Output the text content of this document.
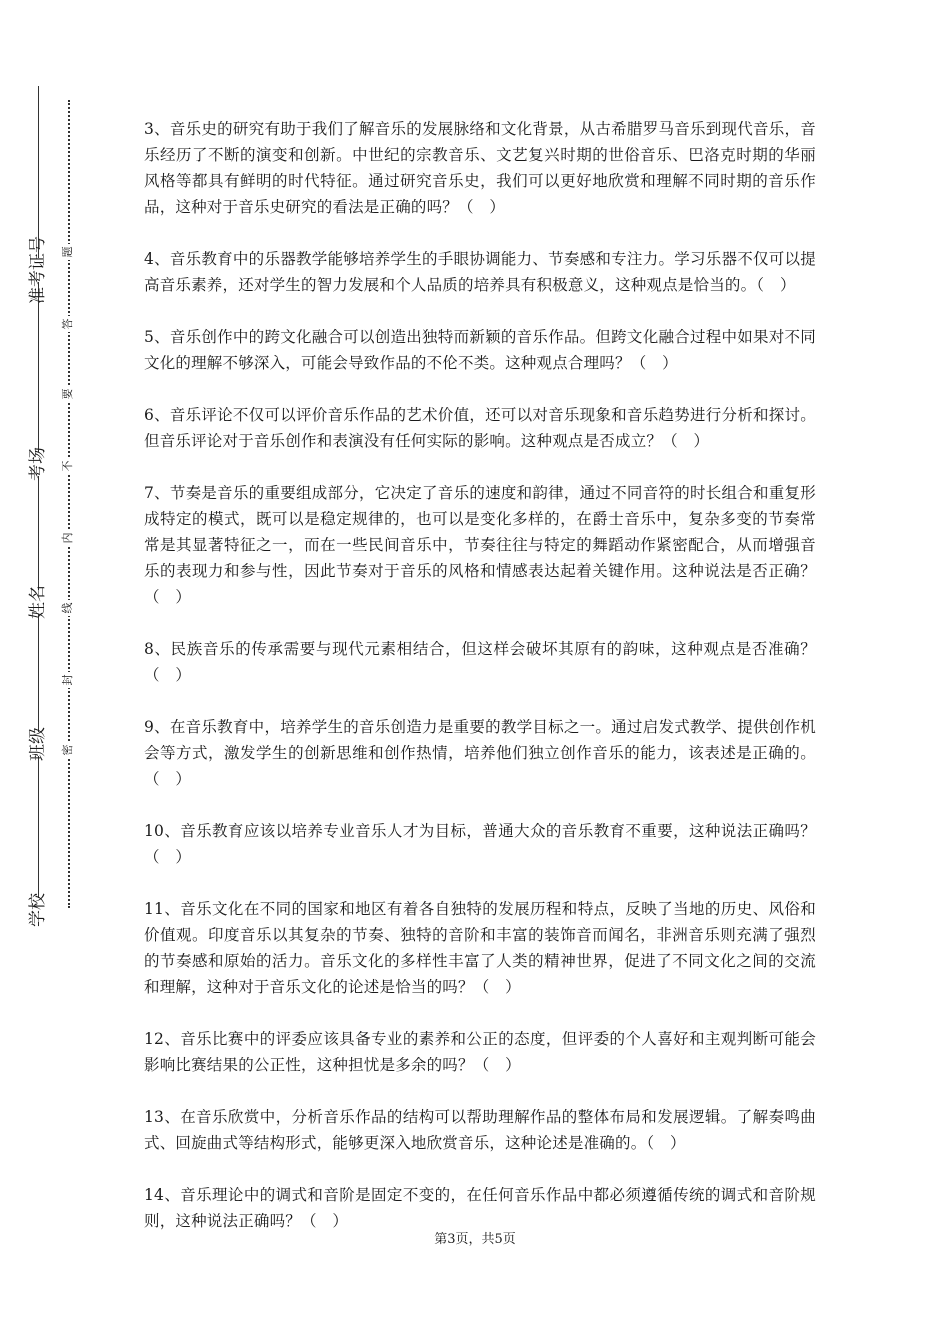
学校
班级
姓名
考场
准考证号
密
封
线
内
不
要
答
题

3、音乐史的研究有助于我们了解音乐的发展脉络和文化背景，从古希腊罗马音乐到现代音乐，音乐经历了不断的演变和创新。中世纪的宗教音乐、文艺复兴时期的世俗音乐、巴洛克时期的华丽风格等都具有鲜明的时代特征。通过研究音乐史，我们可以更好地欣赏和理解不同时期的音乐作品，这种对于音乐史研究的看法是正确的吗？（　）

4、音乐教育中的乐器教学能够培养学生的手眼协调能力、节奏感和专注力。学习乐器不仅可以提高音乐素养，还对学生的智力发展和个人品质的培养具有积极意义，这种观点是恰当的。（　）

5、音乐创作中的跨文化融合可以创造出独特而新颖的音乐作品。但跨文化融合过程中如果对不同文化的理解不够深入，可能会导致作品的不伦不类。这种观点合理吗？（　）

6、音乐评论不仅可以评价音乐作品的艺术价值，还可以对音乐现象和音乐趋势进行分析和探讨。但音乐评论对于音乐创作和表演没有任何实际的影响。这种观点是否成立？（　）

7、节奏是音乐的重要组成部分，它决定了音乐的速度和韵律，通过不同音符的时长组合和重复形成特定的模式，既可以是稳定规律的，也可以是变化多样的，在爵士音乐中，复杂多变的节奏常常是其显著特征之一，而在一些民间音乐中，节奏往往与特定的舞蹈动作紧密配合，从而增强音乐的表现力和参与性，因此节奏对于音乐的风格和情感表达起着关键作用。这种说法是否正确？（　）

8、民族音乐的传承需要与现代元素相结合，但这样会破坏其原有的韵味，这种观点是否准确？（　）

9、在音乐教育中，培养学生的音乐创造力是重要的教学目标之一。通过启发式教学、提供创作机会等方式，激发学生的创新思维和创作热情，培养他们独立创作音乐的能力，该表述是正确的。（　）

10、音乐教育应该以培养专业音乐人才为目标，普通大众的音乐教育不重要，这种说法正确吗？（　）

11、音乐文化在不同的国家和地区有着各自独特的发展历程和特点，反映了当地的历史、风俗和价值观。印度音乐以其复杂的节奏、独特的音阶和丰富的装饰音而闻名，非洲音乐则充满了强烈的节奏感和原始的活力。音乐文化的多样性丰富了人类的精神世界，促进了不同文化之间的交流和理解，这种对于音乐文化的论述是恰当的吗？（　）

12、音乐比赛中的评委应该具备专业的素养和公正的态度，但评委的个人喜好和主观判断可能会影响比赛结果的公正性，这种担忧是多余的吗？（　）

13、在音乐欣赏中，分析音乐作品的结构可以帮助理解作品的整体布局和发展逻辑。了解奏鸣曲式、回旋曲式等结构形式，能够更深入地欣赏音乐，这种论述是准确的。（　）

14、音乐理论中的调式和音阶是固定不变的，在任何音乐作品中都必须遵循传统的调式和音阶规则，这种说法正确吗？（　）

第3页，共5页
